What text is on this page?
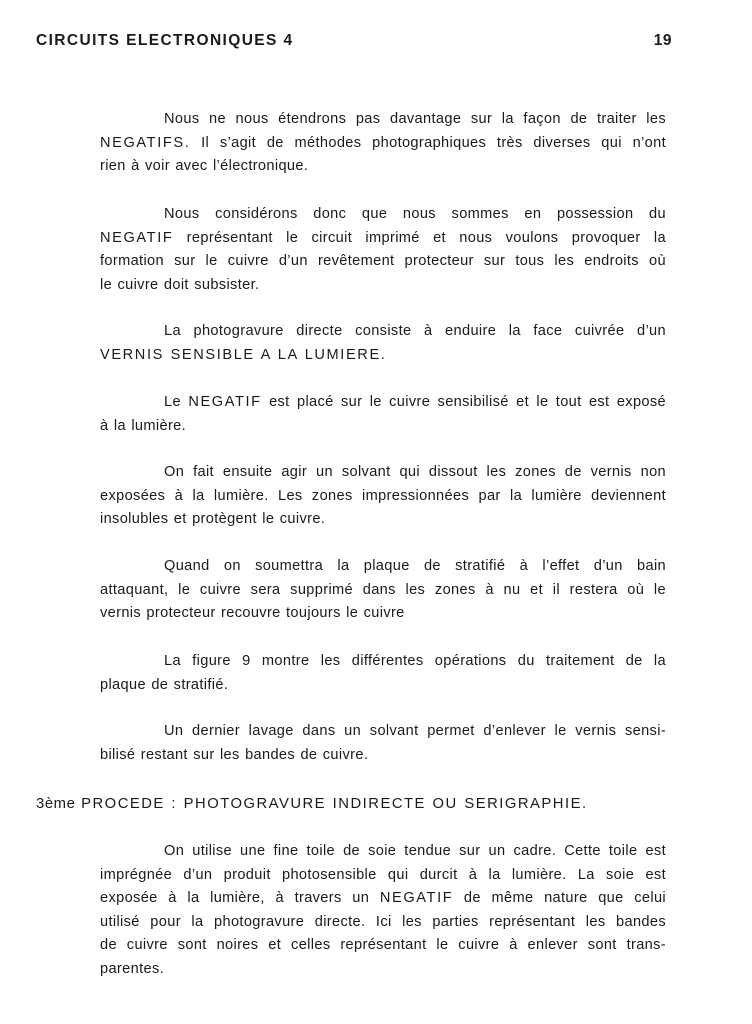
CIRCUITS ELECTRONIQUES 4	19
Nous ne nous étendrons pas davantage sur la façon de traiter les
NEGATIFS. Il s’agit de méthodes photographiques très diverses qui n’ont
rien à voir avec l’électronique.
Nous considérons donc que nous sommes en possession du
NEGATIF représentant le circuit imprimé et nous voulons provoquer la
formation sur le cuivre d’un revêtement protecteur sur tous les endroits où
le cuivre doit subsister.
La photogravure directe consiste à enduire la face cuivrée d’un
VERNIS SENSIBLE A LA LUMIERE.
Le NEGATIF est placé sur le cuivre sensibilisé et le tout est exposé
à la lumière.
On fait ensuite agir un solvant qui dissout les zones de vernis non
exposées à la lumière. Les zones impressionnées par la lumière deviennent
insolubles et protègent le cuivre.
Quand on soumettra la plaque de stratifié à l’effet d’un bain
attaquant, le cuivre sera supprimé dans les zones à nu et il restera où le
vernis protecteur recouvre toujours le cuivre
La figure 9 montre les différentes opérations du traitement de la
plaque de stratifié.
Un dernier lavage dans un solvant permet d’enlever le vernis sensi-
bilisé restant sur les bandes de cuivre.
3ème PROCEDE : PHOTOGRAVURE INDIRECTE OU SERIGRAPHIE.
On utilise une fine toile de soie tendue sur un cadre. Cette toile est
imprégnée d’un produit photosensible qui durcit à la lumière. La soie est
exposée à la lumière, à travers un NEGATIF de même nature que celui
utilisé pour la photogravure directe. Ici les parties représentant les bandes
de cuivre sont noires et celles représentant le cuivre à enlever sont trans-
parentes.
